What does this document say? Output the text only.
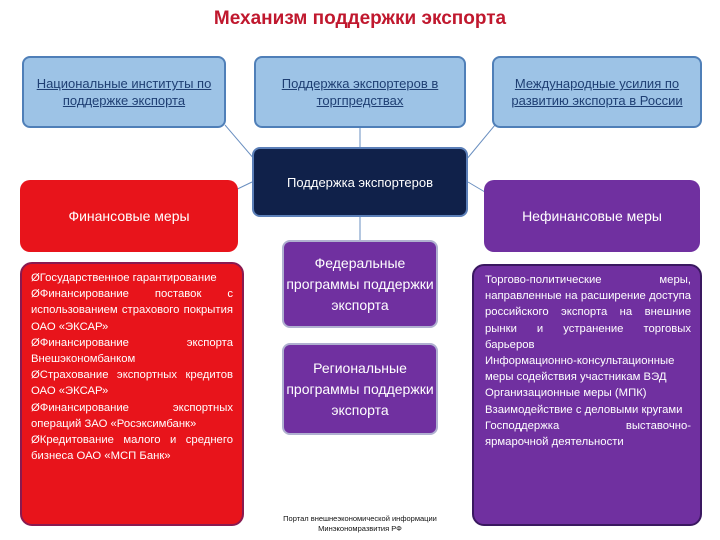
Механизм поддержки экспорта
Национальные институты по поддержке экспорта
Поддержка экспортеров в торгпредствах
Международные усилия по развитию экспорта в России
Поддержка экспортеров
Финансовые меры	Нефинансовые меры
Федеральные программы поддержки экспорта
Региональные программы поддержки экспорта
ØГосударственное гарантирование
ØФинансирование поставок с использованием страхового покрытия ОАО «ЭКСАР»
ØФинансирование экспорта Внешэкономбанком
ØСтрахование экспортных кредитов ОАО «ЭКСАР»
ØФинансирование экспортных операций ЗАО «Росэксимбанк»
ØКредитование малого и среднего бизнеса ОАО «МСП Банк»
Торгово-политические меры, направленные на расширение доступа российского экспорта на внешние рынки и устранение торговых барьеров
Информационно-консультационные меры содействия участникам ВЭД
Организационные меры (МПК)
Взаимодействие с деловыми кругами
Господдержка выставочно-ярмарочной деятельности
Портал внешнеэкономической информации Минэкономразвития РФ
